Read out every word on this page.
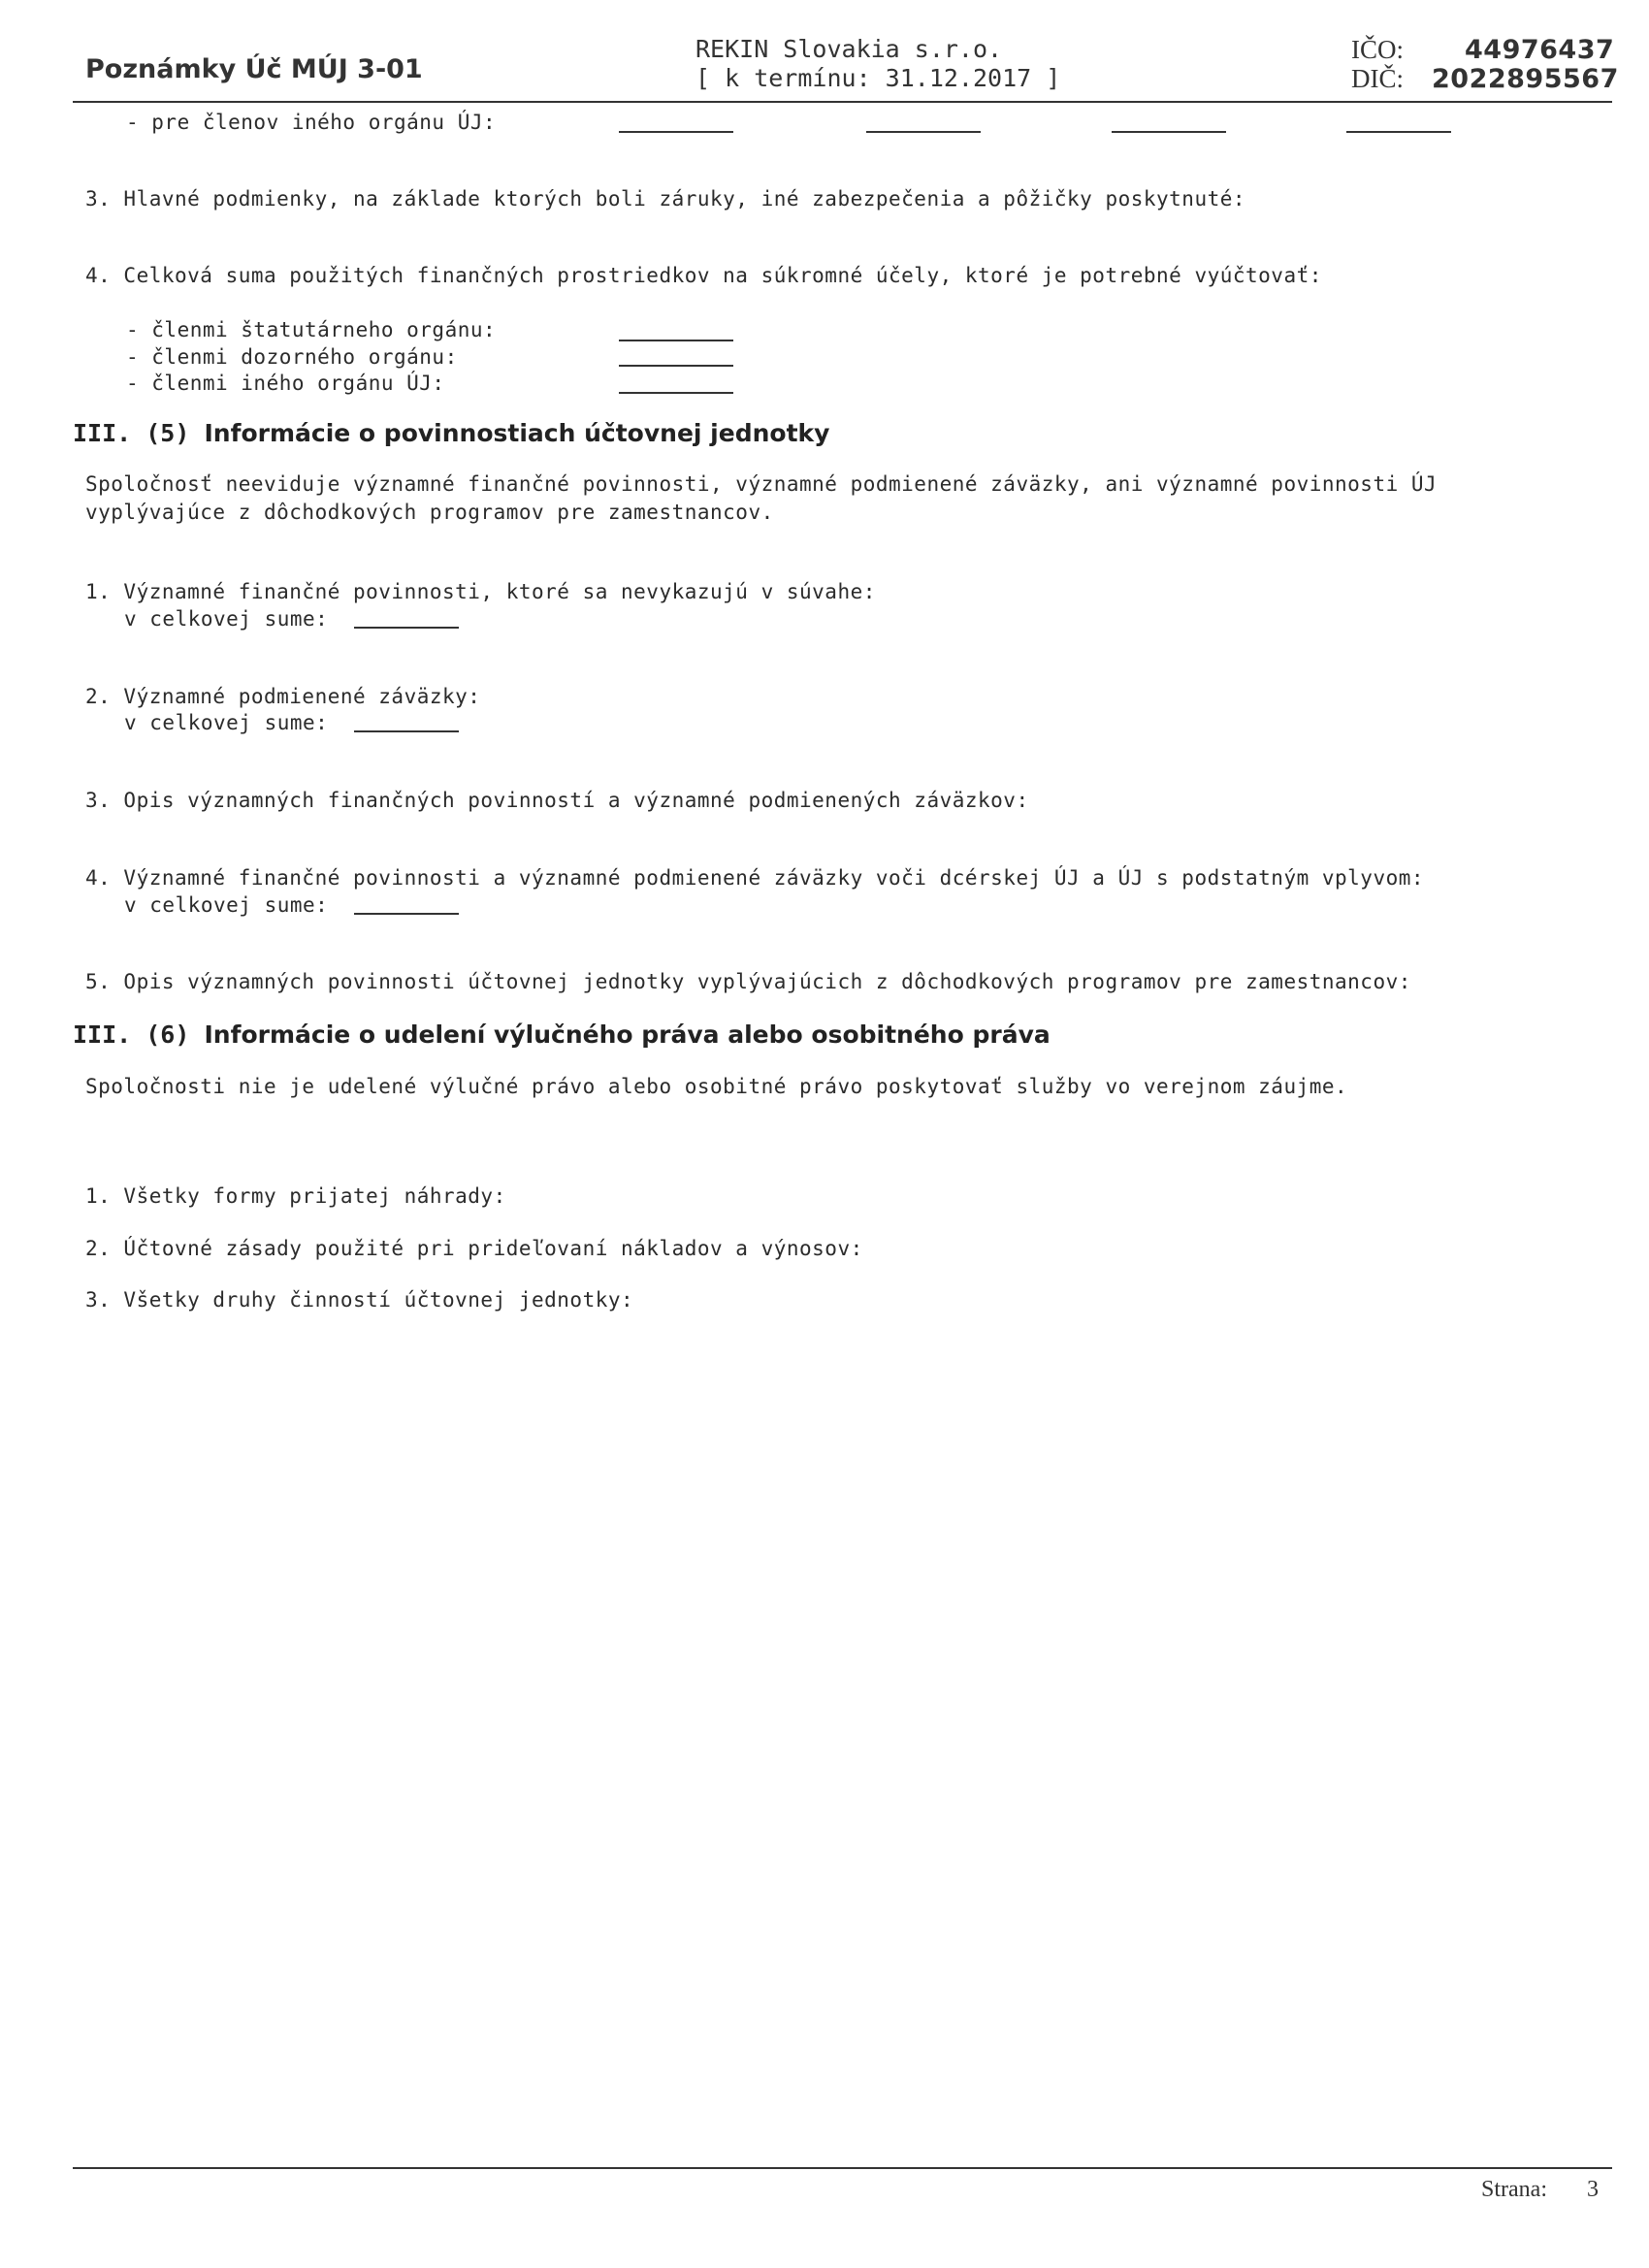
Poznámky Úč MÚJ 3-01
REKIN Slovakia s.r.o.
[ k termínu: 31.12.2017 ]
IČO: 44976437
DIČ: 2022895567
- pre členov iného orgánu ÚJ:
3. Hlavné podmienky, na základe ktorých boli záruky, iné zabezpečenia a pôžičky poskytnuté:
4. Celková suma použitých finančných prostriedkov na súkromné účely, ktoré je potrebné vyúčtovať:
- členmi štatutárneho orgánu:
- členmi dozorného orgánu:
- členmi iného orgánu ÚJ:
III. (5) Informácie o povinnostiach účtovnej jednotky
Spoločnosť neeviduje významné finančné povinnosti, významné podmienené záväzky, ani významné povinnosti ÚJ
vyplývajúce z dôchodkových programov pre zamestnancov.
1. Významné finančné povinnosti, ktoré sa nevykazujú v súvahe:
v celkovej sume:
2. Významné podmienené záväzky:
v celkovej sume:
3. Opis významných finančných povinností a významné podmienených záväzkov:
4. Významné finančné povinnosti a významné podmienené záväzky voči dcérskej ÚJ a ÚJ s podstatným vplyvom:
v celkovej sume:
5. Opis významných povinnosti účtovnej jednotky vyplývajúcich z dôchodkových programov pre zamestnancov:
III. (6) Informácie o udelení výlučného práva alebo osobitného práva
Spoločnosti nie je udelené výlučné právo alebo osobitné právo poskytovať služby vo verejnom záujme.
1. Všetky formy prijatej náhrady:
2. Účtovné zásady použité pri prideľovaní nákladov a výnosov:
3. Všetky druhy činností účtovnej jednotky:
Strana: 3
